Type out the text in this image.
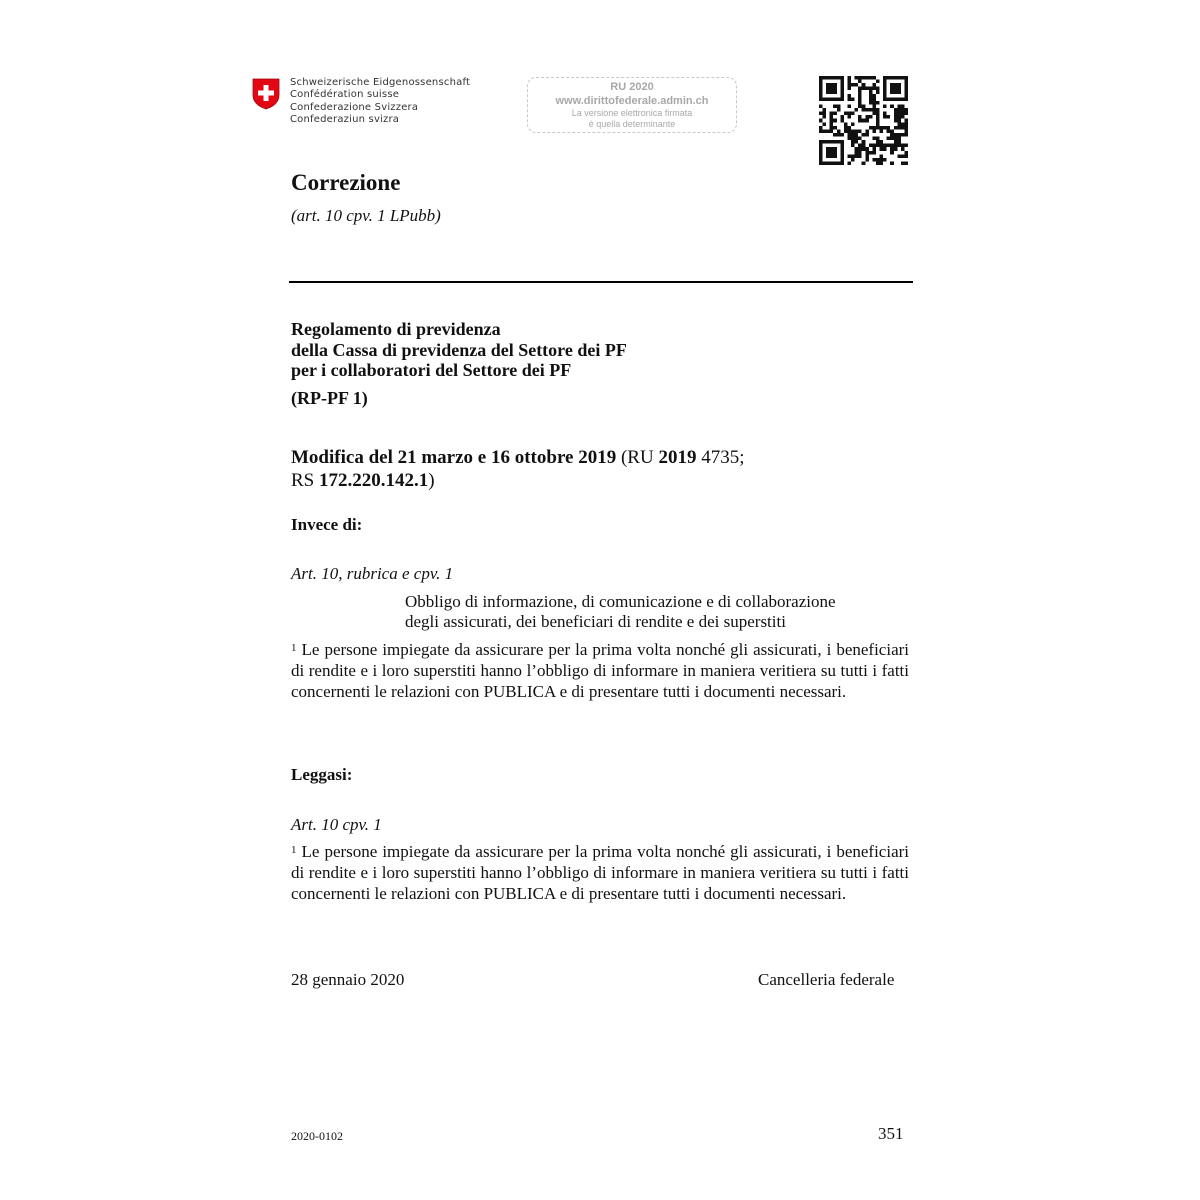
Schweizerische Eidgenossenschaft
Confédération suisse
Confederazione Svizzera
Confederaziun svizra
RU 2020
www.dirittofederale.admin.ch
La versione elettronica firmata
è quella determinante
Correzione
(art. 10 cpv. 1 LPubb)
Regolamento di previdenza
della Cassa di previdenza del Settore dei PF
per i collaboratori del Settore dei PF
(RP-PF 1)
Modifica del 21 marzo e 16 ottobre 2019 (RU 2019 4735;
RS 172.220.142.1)
Invece di:
Art. 10, rubrica e cpv. 1
Obbligo di informazione, di comunicazione e di collaborazione
degli assicurati, dei beneficiari di rendite e dei superstiti
$^1$ Le persone impiegate da assicurare per la prima volta nonché gli assicurati, i beneficiari di rendite e i loro superstiti hanno l’obbligo di informare in maniera veritiera su tutti i fatti concernenti le relazioni con PUBLICA e di presentare tutti i documenti necessari.
Leggasi:
Art. 10 cpv. 1
$^1$ Le persone impiegate da assicurare per la prima volta nonché gli assicurati, i beneficiari di rendite e i loro superstiti hanno l’obbligo di informare in maniera veritiera su tutti i fatti concernenti le relazioni con PUBLICA e di presentare tutti i documenti necessari.
28 gennaio 2020	Cancelleria federale
2020-0102	351
